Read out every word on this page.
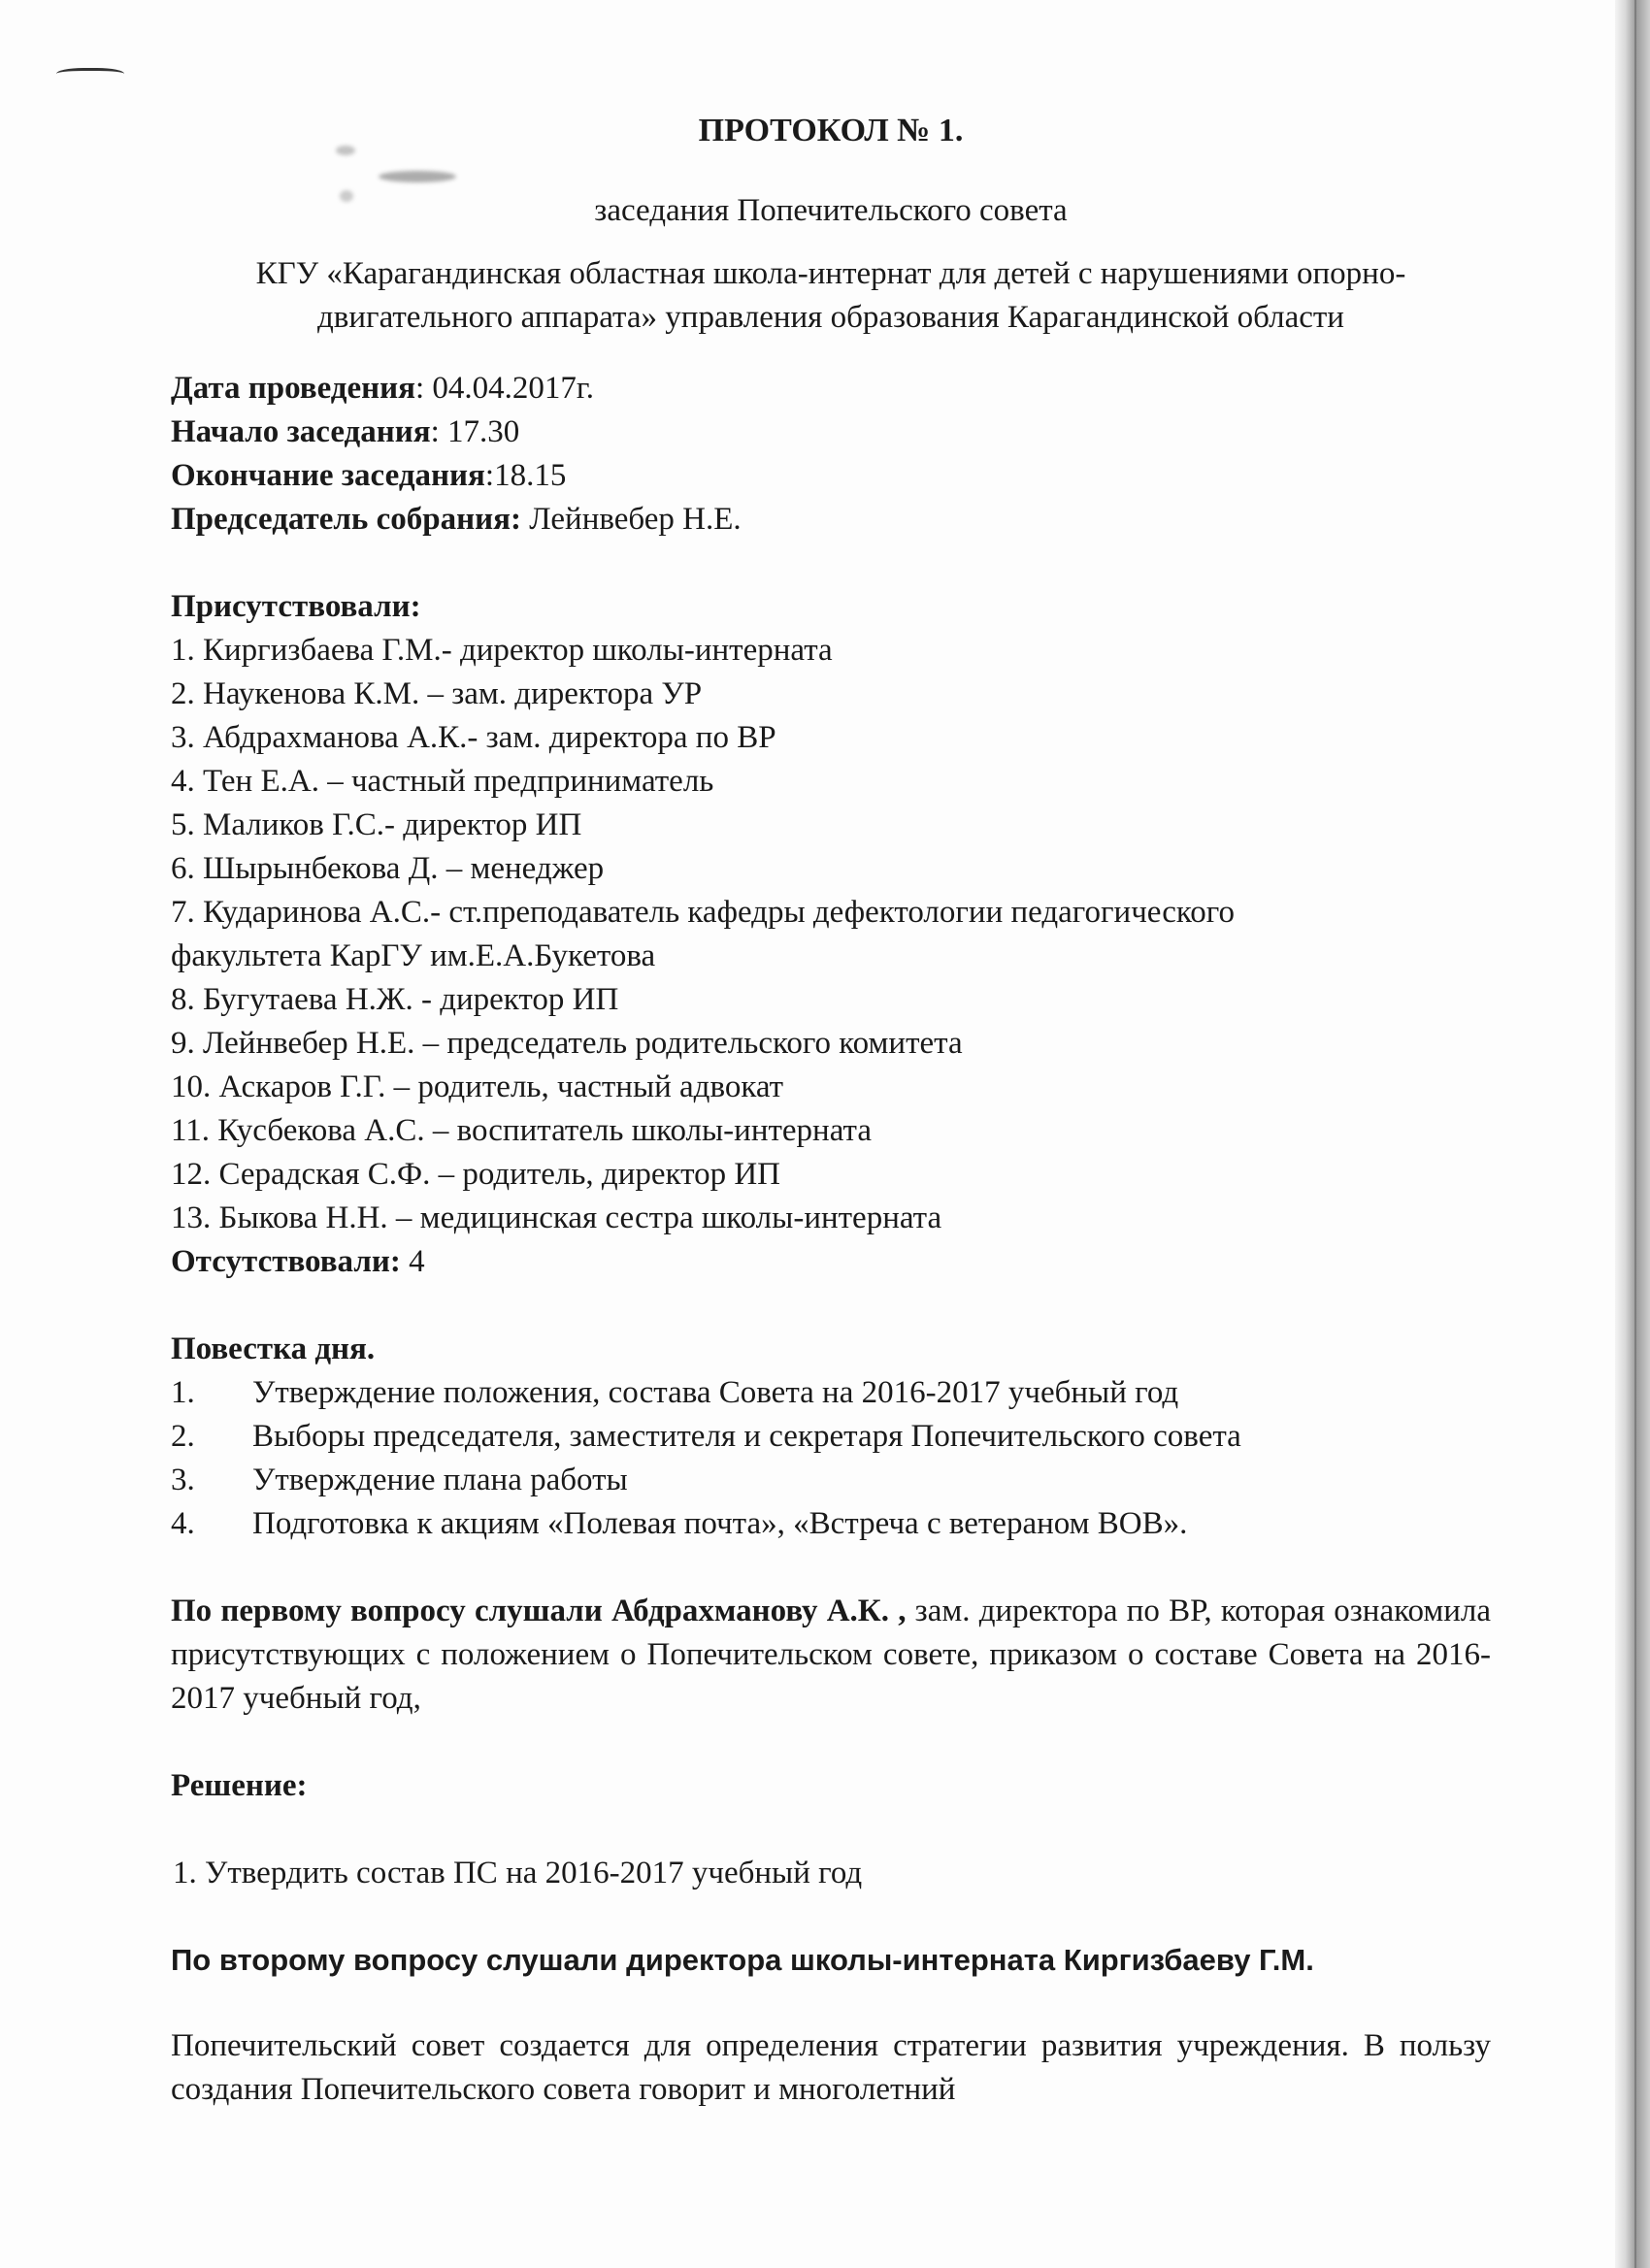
ПРОТОКОЛ № 1.

заседания Попечительского совета

КГУ «Карагандинская областная школа-интернат для детей с нарушениями опорно-двигательного аппарата» управления образования Карагандинской области

Дата проведения: 04.04.2017г.

Начало заседания: 17.30

Окончание заседания:18.15

Председатель собрания: Лейнвебер Н.Е.

Присутствовали:

1. Киргизбаева Г.М.- директор школы-интерната

2. Наукенова К.М. – зам. директора УР

3. Абдрахманова А.К.- зам. директора по ВР

4. Тен Е.А. – частный предприниматель

5. Маликов Г.С.- директор ИП

6. Шырынбекова Д. – менеджер

7. Кударинова А.С.- ст.преподаватель кафедры дефектологии педагогического

факультета КарГУ им.Е.А.Букетова

8. Бугутаева Н.Ж. - директор ИП

9. Лейнвебер Н.Е. – председатель родительского комитета

10. Аскаров Г.Г. – родитель, частный адвокат

11. Кусбекова А.С. – воспитатель школы-интерната

12. Серадская С.Ф. – родитель, директор ИП

13. Быкова Н.Н. – медицинская сестра школы-интерната

Отсутствовали: 4

Повестка дня.

1.	Утверждение положения, состава Совета на 2016-2017 учебный год
2.	Выборы председателя, заместителя и секретаря Попечительского совета
3.	Утверждение плана работы
4.	Подготовка к акциям «Полевая почта», «Встреча с ветераном ВОВ».

По первому вопросу слушали Абдрахманову А.К. , зам. директора по ВР, которая ознакомила присутствующих с положением о Попечительском совете, приказом о составе Совета на 2016-2017 учебный год,

Решение:

1. Утвердить состав ПС на 2016-2017 учебный год

По второму вопросу слушали директора школы-интерната Киргизбаеву Г.М.

Попечительский совет создается для определения стратегии развития учреждения. В пользу создания Попечительского совета говорит и многолетний
